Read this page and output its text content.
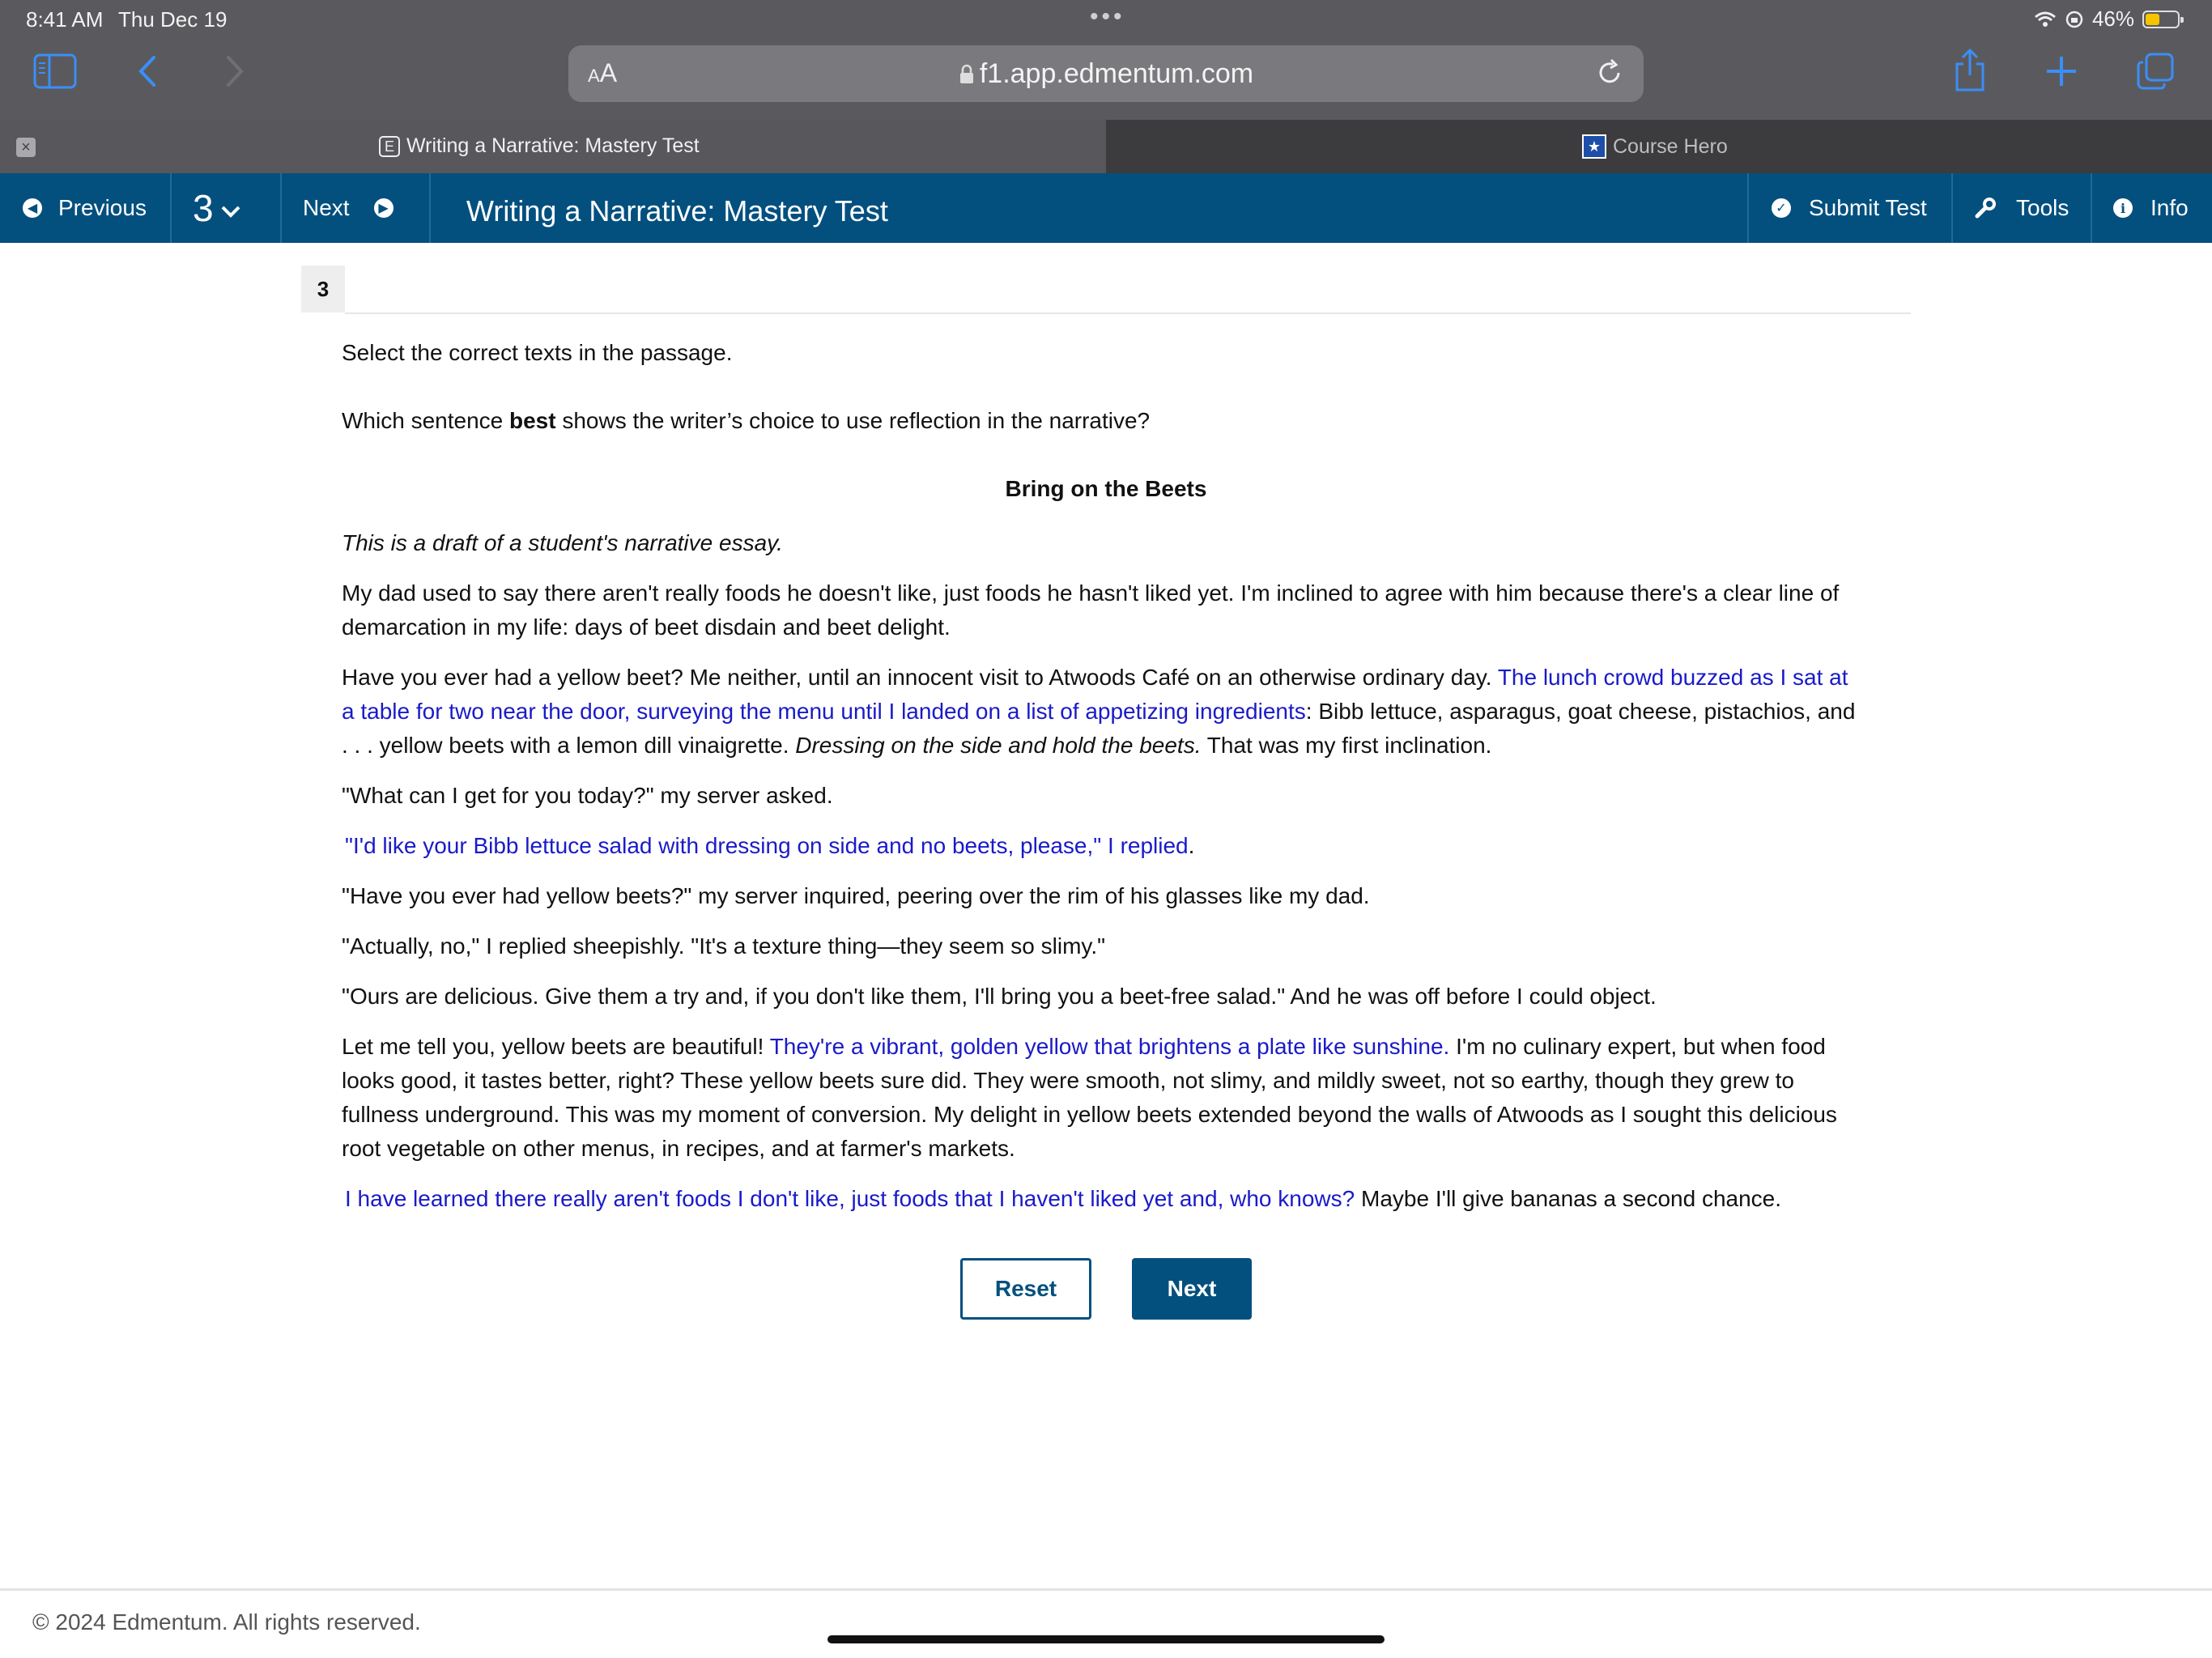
8:41 AM Thu Dec 19	•••	46%
AA	f1.app.edmentum.com
×	E Writing a Narrative: Mastery Test	★ Course Hero
◀ Previous 3	Next	▶	Writing a Narrative: Mastery Test	✓ Submit Test	Tools	i	Info
3
Select the correct texts in the passage.
Which sentence best shows the writer’s choice to use reflection in the narrative?
Bring on the Beets
This is a draft of a student's narrative essay.
My dad used to say there aren't really foods he doesn't like, just foods he hasn't liked yet. I'm inclined to agree with him because there's a clear line of demarcation in my life: days of beet disdain and beet delight.
Have you ever had a yellow beet? Me neither, until an innocent visit to Atwoods Café on an otherwise ordinary day. The lunch crowd buzzed as I sat at a table for two near the door, surveying the menu until I landed on a list of appetizing ingredients: Bibb lettuce, asparagus, goat cheese, pistachios, and . . . yellow beets with a lemon dill vinaigrette. Dressing on the side and hold the beets. That was my first inclination.
"What can I get for you today?" my server asked.
"I'd like your Bibb lettuce salad with dressing on side and no beets, please," I replied.
"Have you ever had yellow beets?" my server inquired, peering over the rim of his glasses like my dad.
"Actually, no," I replied sheepishly. "It's a texture thing—they seem so slimy."
"Ours are delicious. Give them a try and, if you don't like them, I'll bring you a beet-free salad." And he was off before I could object.
Let me tell you, yellow beets are beautiful! They're a vibrant, golden yellow that brightens a plate like sunshine. I'm no culinary expert, but when food looks good, it tastes better, right? These yellow beets sure did. They were smooth, not slimy, and mildly sweet, not so earthy, though they grew to fullness underground. This was my moment of conversion. My delight in yellow beets extended beyond the walls of Atwoods as I sought this delicious root vegetable on other menus, in recipes, and at farmer's markets.
I have learned there really aren't foods I don't like, just foods that I haven't liked yet and, who knows? Maybe I'll give bananas a second chance.
Reset	Next
© 2024 Edmentum. All rights reserved.
